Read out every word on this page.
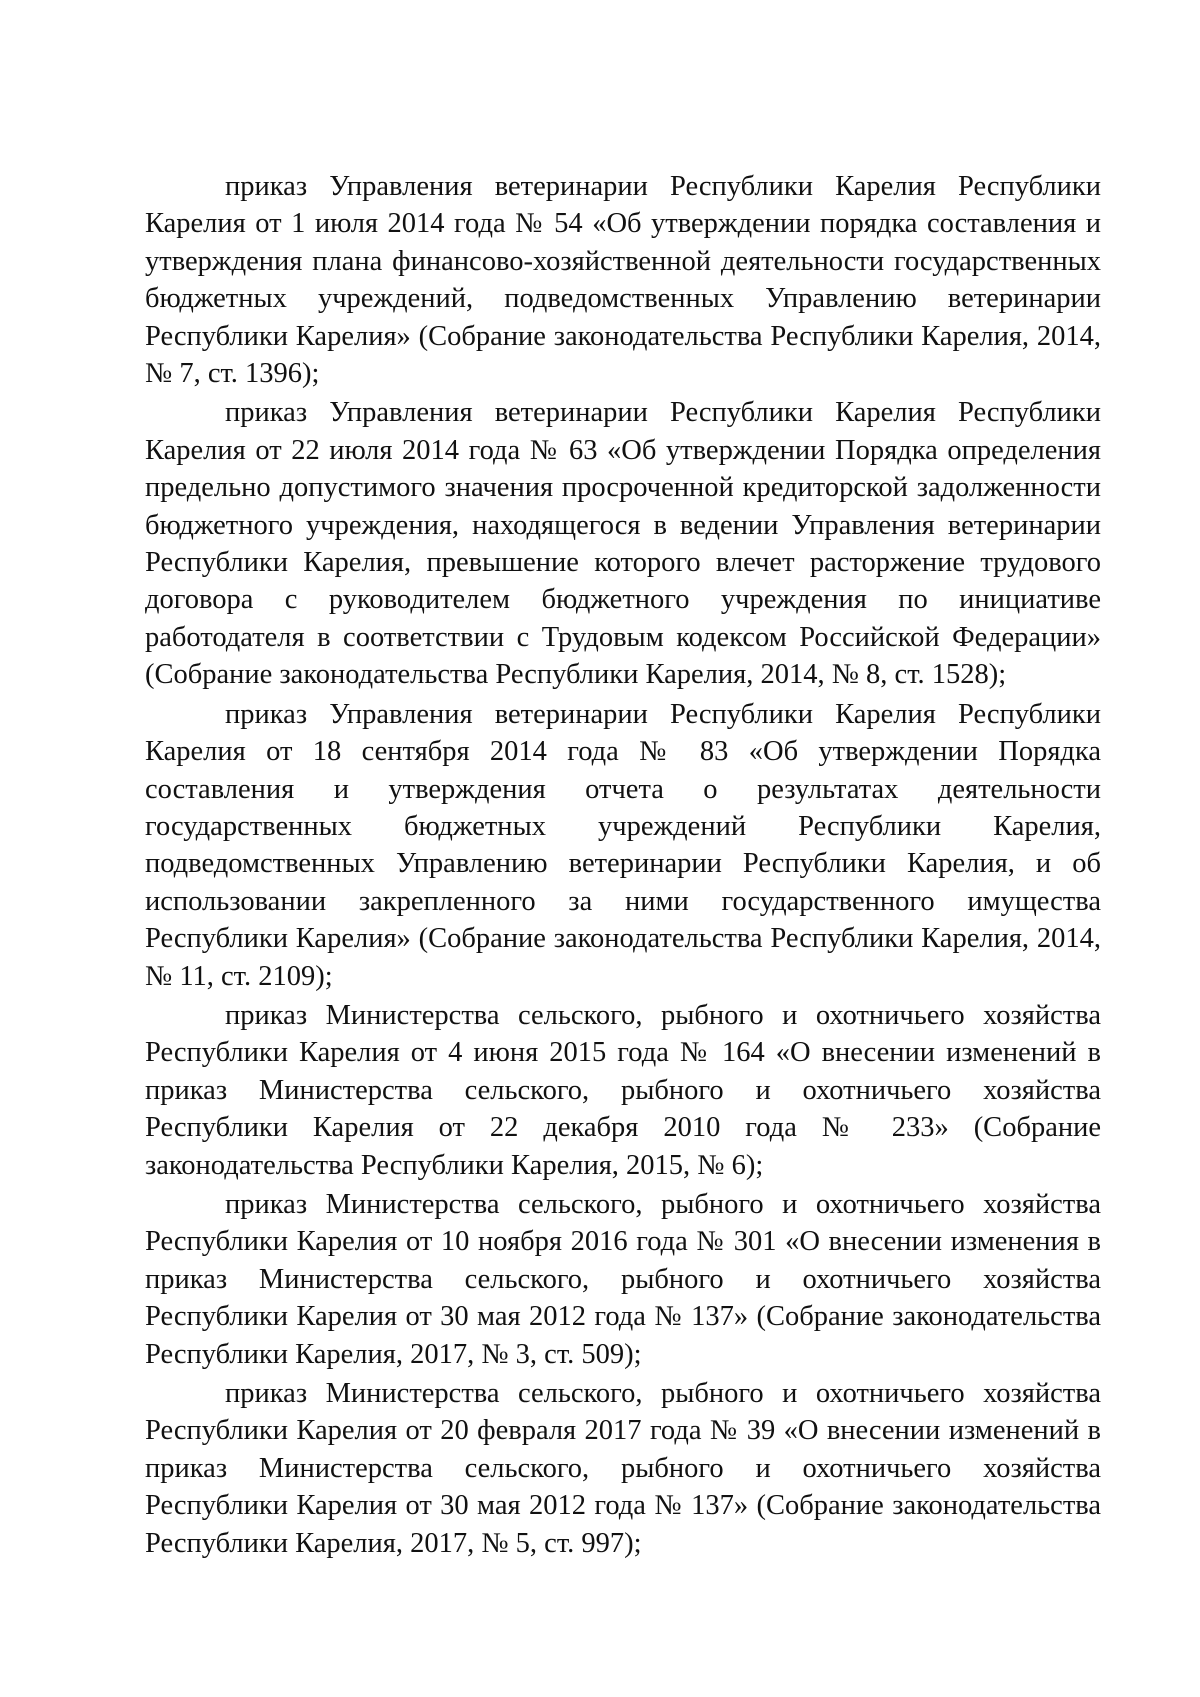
приказ Управления ветеринарии Республики Карелия Республики Карелия от 1 июля 2014 года № 54 «Об утверждении порядка составления и утверждения плана финансово-хозяйственной деятельности государственных бюджетных учреждений, подведомственных Управлению ветеринарии Республики Карелия» (Собрание законодательства Республики Карелия, 2014, № 7, ст. 1396);

приказ Управления ветеринарии Республики Карелия Республики Карелия от 22 июля 2014 года № 63 «Об утверждении Порядка определения предельно допустимого значения просроченной кредиторской задолженности бюджетного учреждения, находящегося в ведении Управления ветеринарии Республики Карелия, превышение которого влечет расторжение трудового договора с руководителем бюджетного учреждения по инициативе работодателя в соответствии с Трудовым кодексом Российской Федерации» (Собрание законодательства Республики Карелия, 2014, № 8, ст. 1528);

приказ Управления ветеринарии Республики Карелия Республики Карелия от 18 сентября 2014 года № 83 «Об утверждении Порядка составления и утверждения отчета о результатах деятельности государственных бюджетных учреждений Республики Карелия, подведомственных Управлению ветеринарии Республики Карелия, и об использовании закрепленного за ними государственного имущества Республики Карелия» (Собрание законодательства Республики Карелия, 2014, № 11, ст. 2109);

приказ Министерства сельского, рыбного и охотничьего хозяйства Республики Карелия от 4 июня 2015 года № 164 «О внесении изменений в приказ Министерства сельского, рыбного и охотничьего хозяйства Республики Карелия от 22 декабря 2010 года № 233» (Собрание законодательства Республики Карелия, 2015, № 6);

приказ Министерства сельского, рыбного и охотничьего хозяйства Республики Карелия от 10 ноября 2016 года № 301 «О внесении изменения в приказ Министерства сельского, рыбного и охотничьего хозяйства Республики Карелия от 30 мая 2012 года № 137» (Собрание законодательства Республики Карелия, 2017, № 3, ст. 509);

приказ Министерства сельского, рыбного и охотничьего хозяйства Республики Карелия от 20 февраля 2017 года № 39 «О внесении изменений в приказ Министерства сельского, рыбного и охотничьего хозяйства Республики Карелия от 30 мая 2012 года № 137» (Собрание законодательства Республики Карелия, 2017, № 5, ст. 997);
